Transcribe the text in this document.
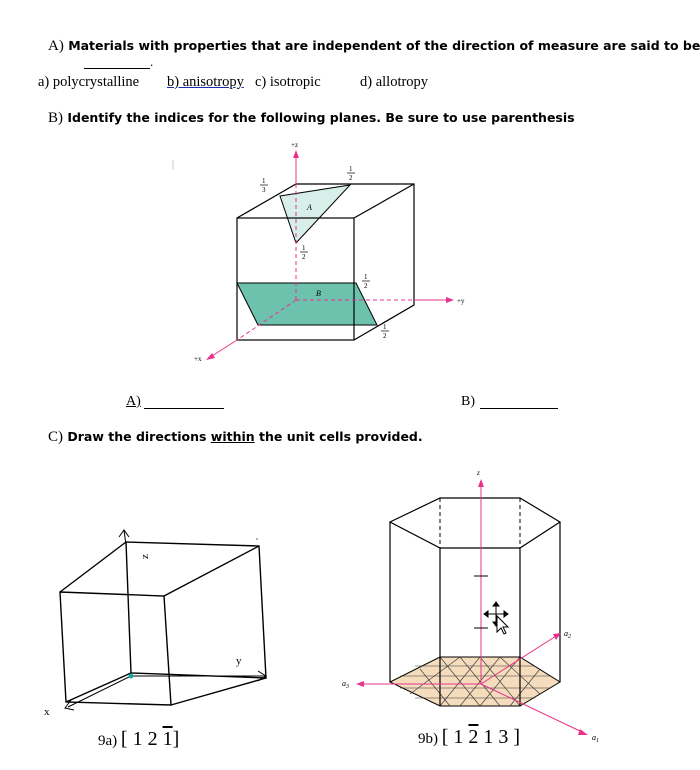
A) Materials with properties that are independent of the direction of measure are said to be
.
a) polycrystalline b) anisotropy c) isotropic	d) allotropy
B) Identify the indices for the following planes. Be sure to use parenthesis
+z
+y
+x
A
B
1
3
1
2
1
2
1
2
1
2
A)	B)
C) Draw the directions within the unit cells provided.
z
y
x
9a) [ 1 2 1]
z
$a_2$
$a_3$
$a_1$
9b) [ 1 2 1 3 ]
